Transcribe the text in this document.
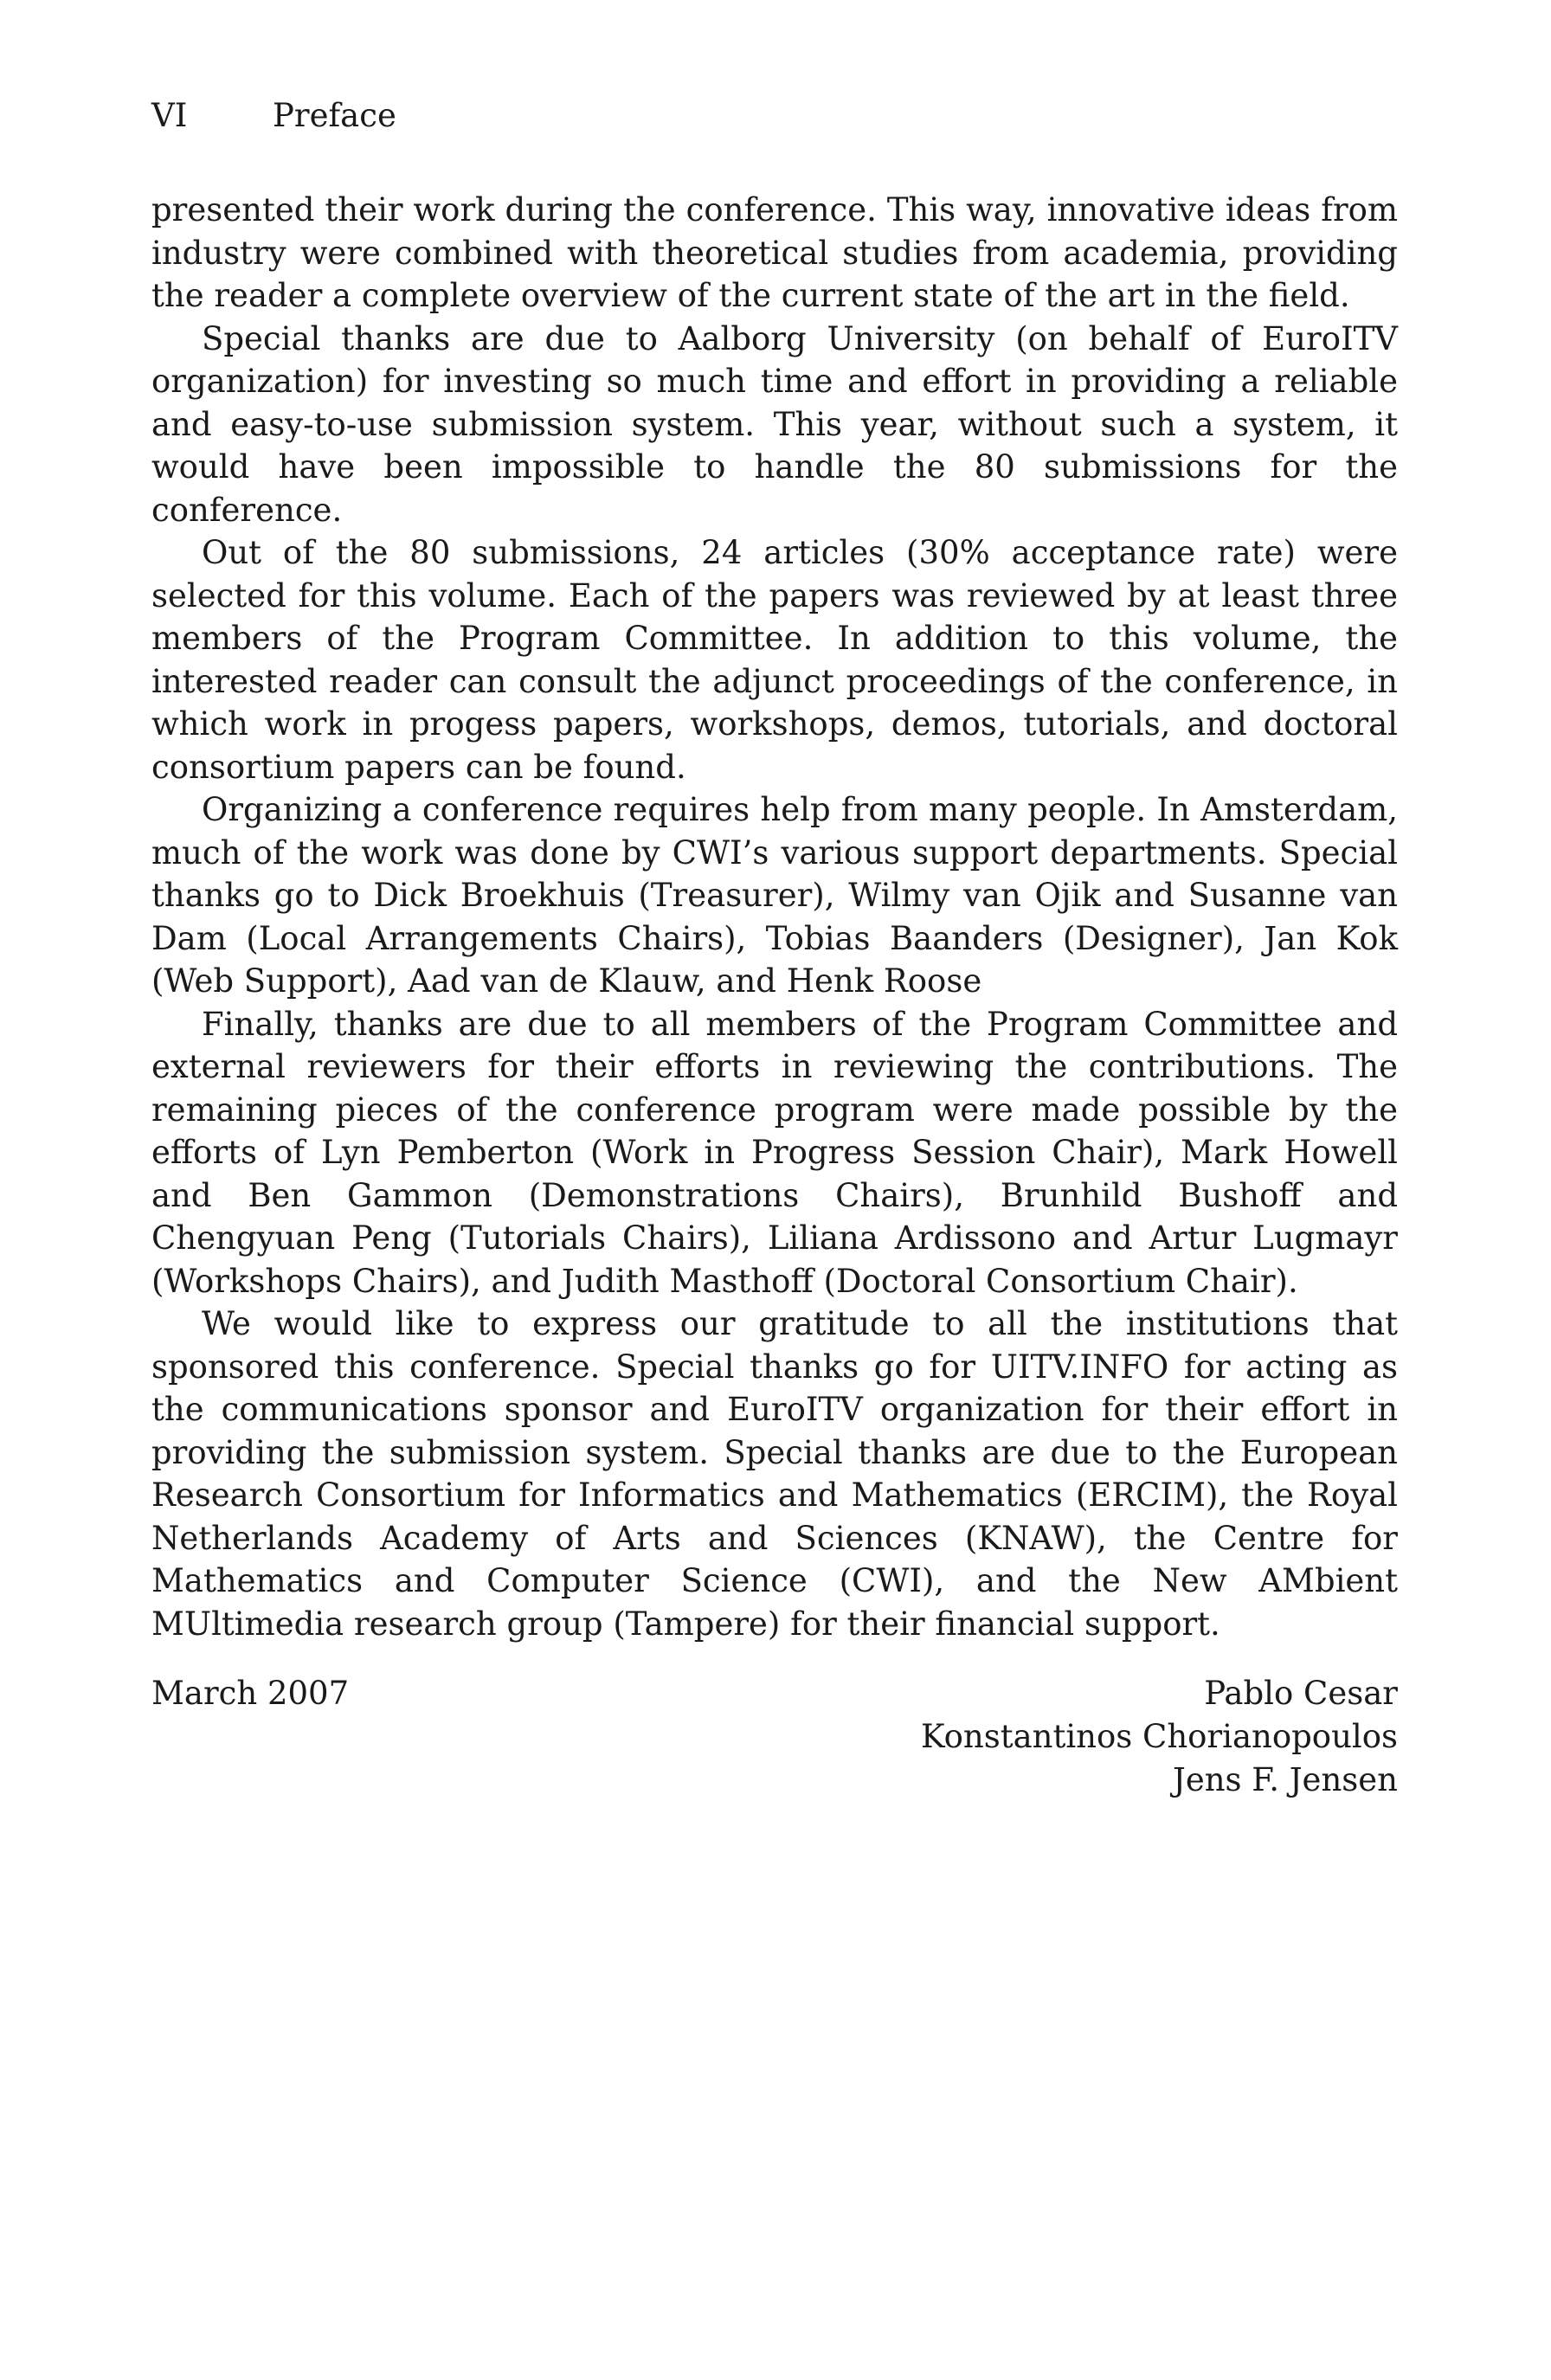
VI	Preface

presented their work during the conference. This way, innovative ideas from industry were combined with theoretical studies from academia, providing the reader a complete overview of the current state of the art in the field.

Special thanks are due to Aalborg University (on behalf of EuroITV organization) for investing so much time and effort in providing a reliable and easy-to-use submission system. This year, without such a system, it would have been impossible to handle the 80 submissions for the conference.

Out of the 80 submissions, 24 articles (30% acceptance rate) were selected for this volume. Each of the papers was reviewed by at least three members of the Program Committee. In addition to this volume, the interested reader can consult the adjunct proceedings of the conference, in which work in progess papers, workshops, demos, tutorials, and doctoral consortium papers can be found.

Organizing a conference requires help from many people. In Amsterdam, much of the work was done by CWI’s various support departments. Special thanks go to Dick Broekhuis (Treasurer), Wilmy van Ojik and Susanne van Dam (Local Arrangements Chairs), Tobias Baanders (Designer), Jan Kok (Web Support), Aad van de Klauw, and Henk Roose

Finally, thanks are due to all members of the Program Committee and external reviewers for their efforts in reviewing the contributions. The remaining pieces of the conference program were made possible by the efforts of Lyn Pemberton (Work in Progress Session Chair), Mark Howell and Ben Gammon (Demonstrations Chairs), Brunhild Bushoff and Chengyuan Peng (Tutorials Chairs), Liliana Ardissono and Artur Lugmayr (Workshops Chairs), and Judith Masthoff (Doctoral Consortium Chair).

We would like to express our gratitude to all the institutions that sponsored this conference. Special thanks go for UITV.INFO for acting as the communications sponsor and EuroITV organization for their effort in providing the submission system. Special thanks are due to the European Research Consortium for Informatics and Mathematics (ERCIM), the Royal Netherlands Academy of Arts and Sciences (KNAW), the Centre for Mathematics and Computer Science (CWI), and the New AMbient MUltimedia research group (Tampere) for their financial support.

March 2007	Pablo Cesar
Konstantinos Chorianopoulos
Jens F. Jensen
